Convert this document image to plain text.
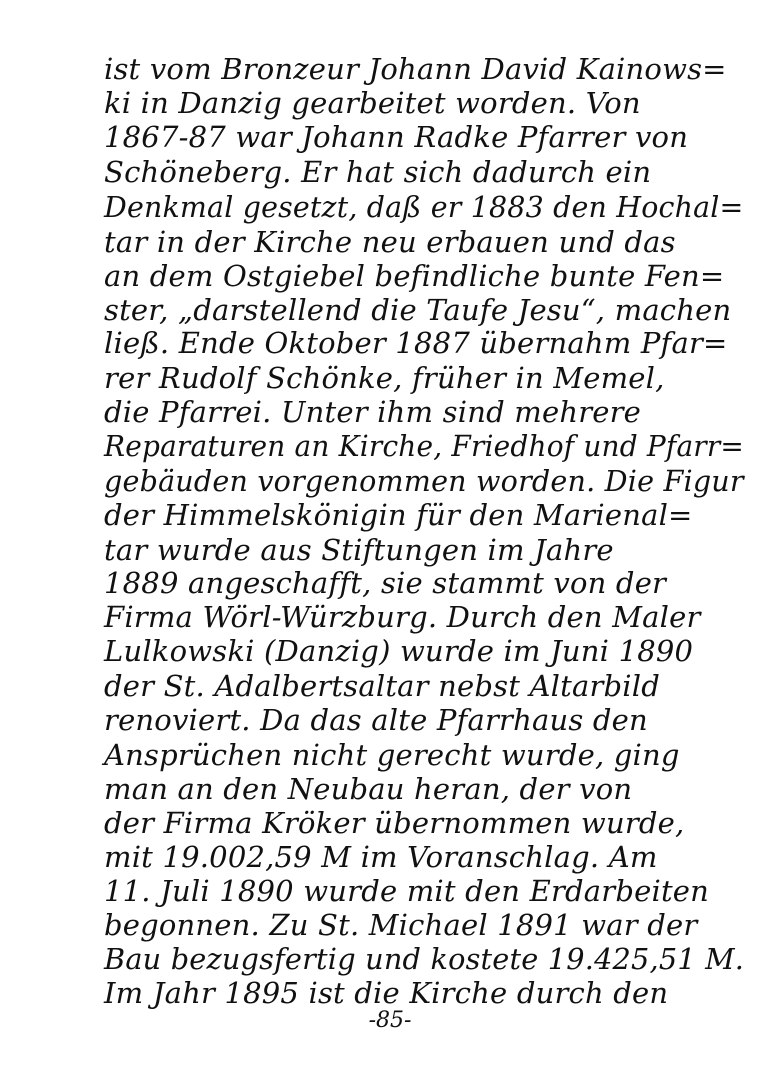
ist vom Bronzeur Johann David Kainows=

ki in Danzig gearbeitet worden. Von

1867-87 war Johann Radke Pfarrer von

Schöneberg. Er hat sich dadurch ein

Denkmal gesetzt, daß er 1883 den Hochal=

tar in der Kirche neu erbauen und das

an dem Ostgiebel befindliche bunte Fen=

ster, „darstellend die Taufe Jesu“, machen

ließ. Ende Oktober 1887 übernahm Pfar=

rer Rudolf Schönke, früher in Memel,

die Pfarrei. Unter ihm sind mehrere

Reparaturen an Kirche, Friedhof und Pfarr=

gebäuden vorgenommen worden. Die Figur

der Himmelskönigin für den Marienal=

tar wurde aus Stiftungen im Jahre

1889 angeschafft, sie stammt von der

Firma Wörl-Würzburg. Durch den Maler

Lulkowski (Danzig) wurde im Juni 1890

der St. Adalbertsaltar nebst Altarbild

renoviert. Da das alte Pfarrhaus den

Ansprüchen nicht gerecht wurde, ging

man an den Neubau heran, der von

der Firma Kröker übernommen wurde,

mit 19.002,59 M im Voranschlag. Am

11. Juli 1890 wurde mit den Erdarbeiten

begonnen. Zu St. Michael 1891 war der

Bau bezugsfertig und kostete 19.425,51 M.

Im Jahr 1895 ist die Kirche durch den

-85-
